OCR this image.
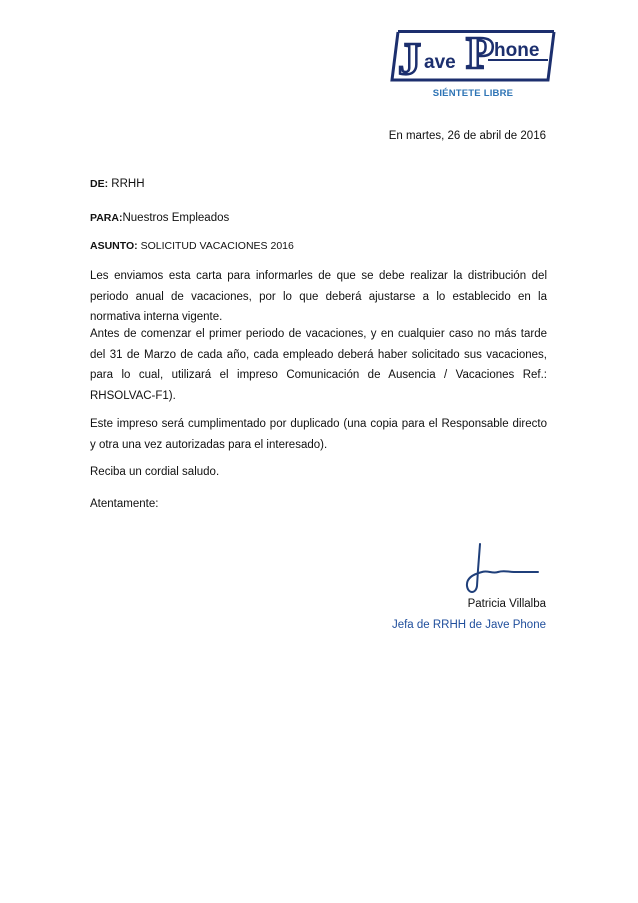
J ave P hone
SIÉNTETE LIBRE
En martes, 26 de abril de 2016
DE: RRHH
PARA:Nuestros Empleados
ASUNTO: SOLICITUD VACACIONES 2016
Les enviamos esta carta para informarles de que se debe realizar la distribución del periodo anual de vacaciones, por lo que deberá ajustarse a lo establecido en la normativa interna vigente.
Antes de comenzar el primer periodo de vacaciones, y en cualquier caso no más tarde del 31 de Marzo de cada año, cada empleado deberá haber solicitado sus vacaciones, para lo cual, utilizará el impreso Comunicación de Ausencia / Vacaciones Ref.: RHSOLVAC-F1).
Este impreso será cumplimentado por duplicado (una copia para el Responsable directo y otra una vez autorizadas para el interesado).
Reciba un cordial saludo.
Atentamente:
Patricia Villalba
Jefa de RRHH de Jave Phone
